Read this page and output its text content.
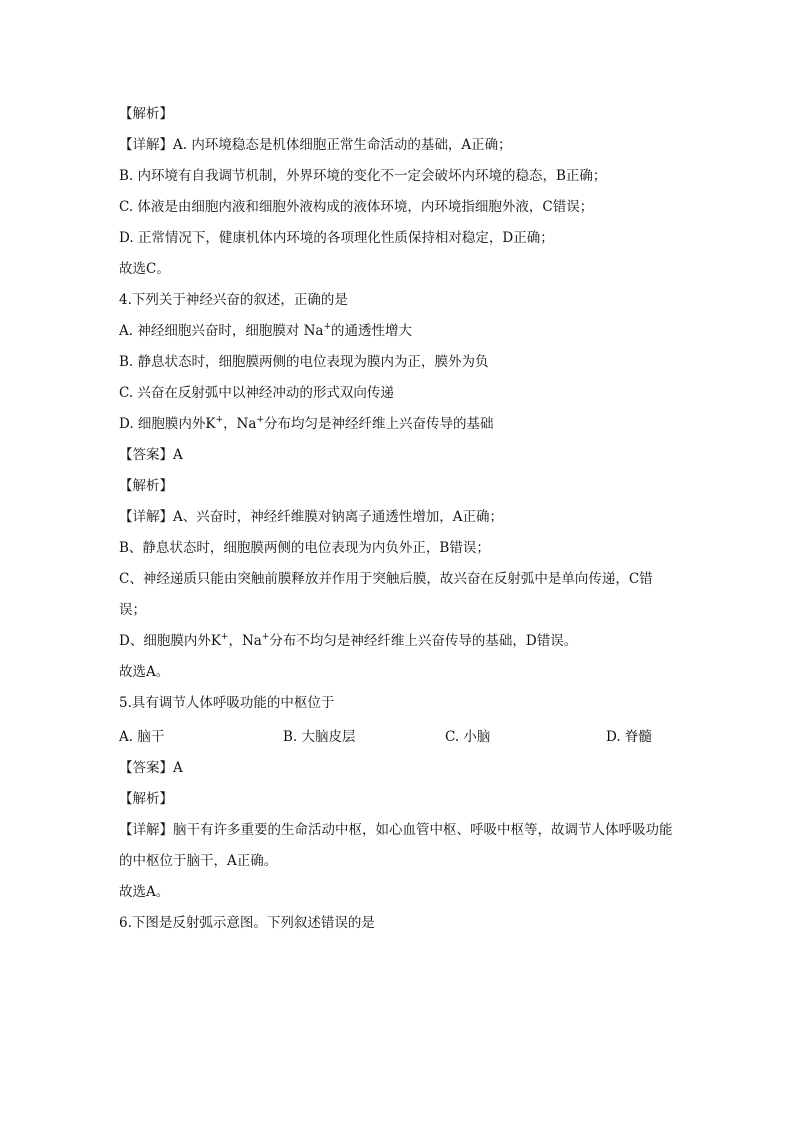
【解析】
【详解】A. 内环境稳态是机体细胞正常生命活动的基础，A正确；
B. 内环境有自我调节机制，外界环境的变化不一定会破坏内环境的稳态，B正确；
C. 体液是由细胞内液和细胞外液构成的液体环境，内环境指细胞外液，C错误；
D. 正常情况下，健康机体内环境的各项理化性质保持相对稳定，D正确；
故选C。
4.下列关于神经兴奋的叙述，正确的是
A. 神经细胞兴奋时，细胞膜对 Na+的通透性增大
B. 静息状态时，细胞膜两侧的电位表现为膜内为正，膜外为负
C. 兴奋在反射弧中以神经冲动的形式双向传递
D. 细胞膜内外K+，Na+分布均匀是神经纤维上兴奋传导的基础
【答案】A
【解析】
【详解】A、兴奋时，神经纤维膜对钠离子通透性增加，A正确；
B、静息状态时，细胞膜两侧的电位表现为内负外正，B错误；
C、神经递质只能由突触前膜释放并作用于突触后膜，故兴奋在反射弧中是单向传递，C错误；
D、细胞膜内外K+，Na+分布不均匀是神经纤维上兴奋传导的基础，D错误。
故选A。
5.具有调节人体呼吸功能的中枢位于
A. 脑干	B. 大脑皮层	C. 小脑	D. 脊髓
【答案】A
【解析】
【详解】脑干有许多重要的生命活动中枢，如心血管中枢、呼吸中枢等，故调节人体呼吸功能的中枢位于脑干，A正确。
故选A。
6.下图是反射弧示意图。下列叙述错误的是
